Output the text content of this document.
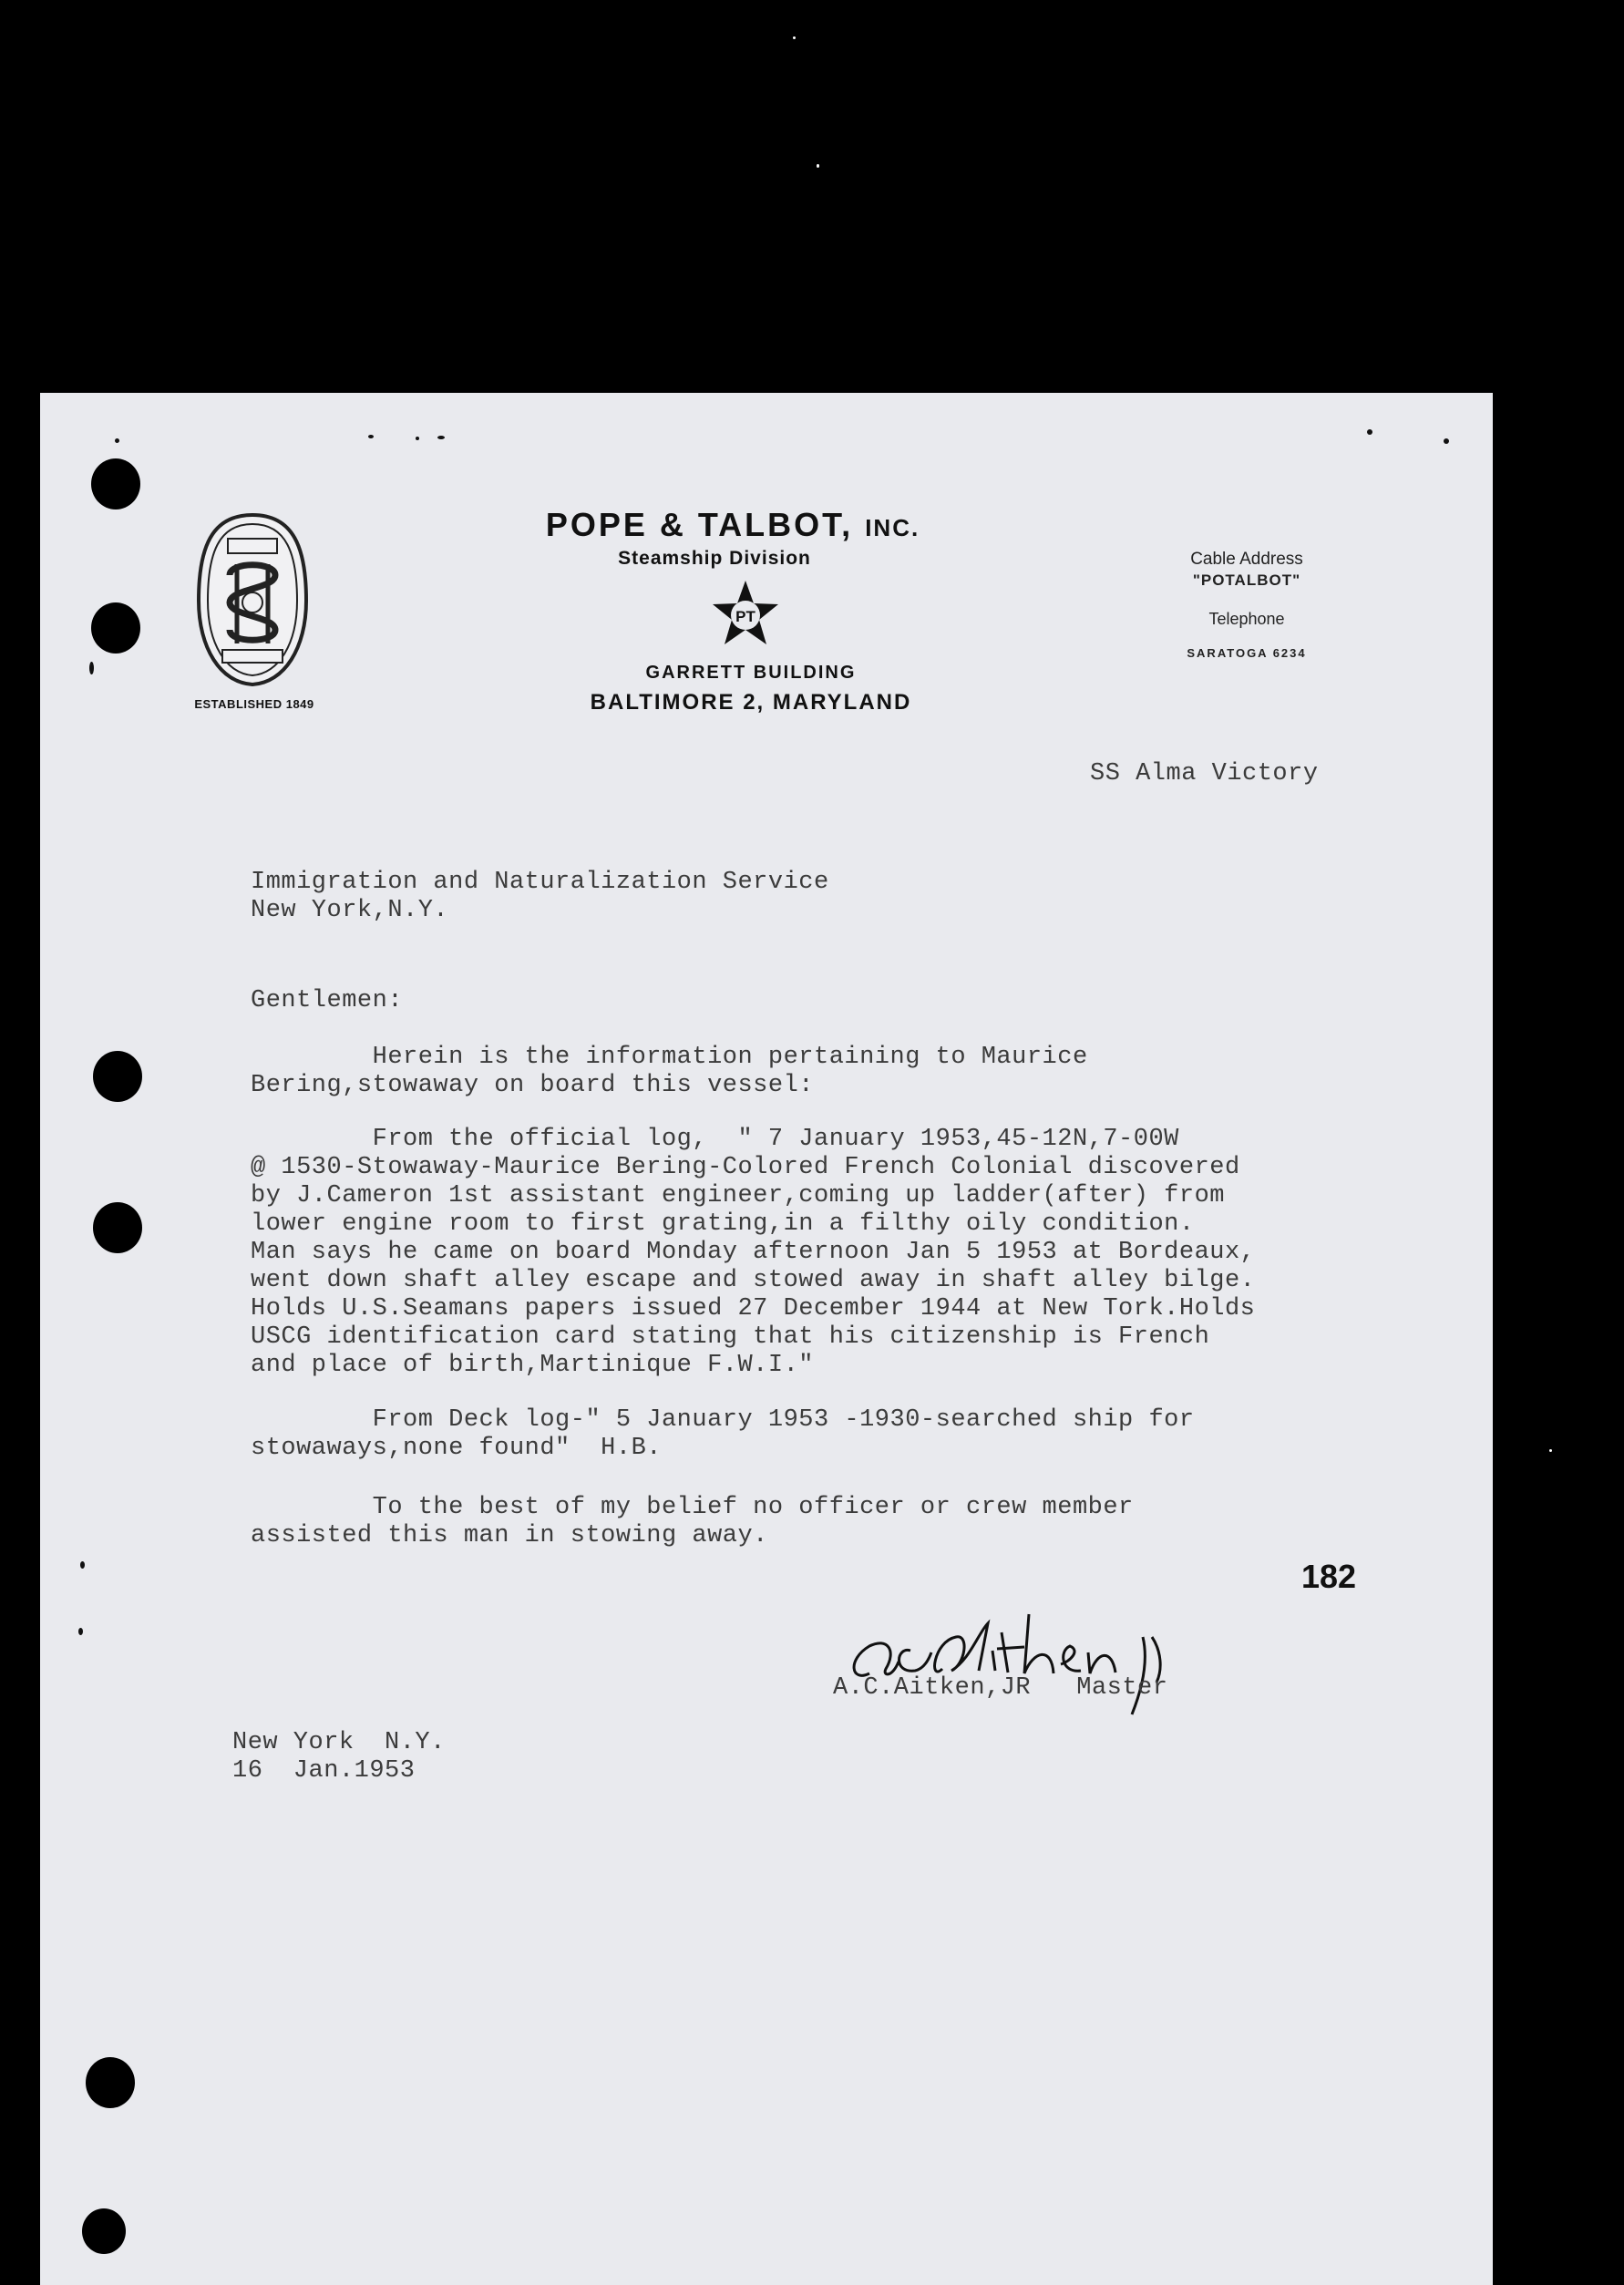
ESTABLISHED 1849
POPE & TALBOT, INC.
Steamship Division
PT
GARRETT BUILDING
BALTIMORE 2, MARYLAND
Cable Address
"POTALBOT"
Telephone
SARATOGA 6234
SS Alma Victory
Immigration and Naturalization Service
New York,N.Y.
Gentlemen:
Herein is the information pertaining to Maurice
Bering,stowaway on board this vessel:
From the official log,  " 7 January 1953,45-12N,7-00W
@ 1530-Stowaway-Maurice Bering-Colored French Colonial discovered
by J.Cameron 1st assistant engineer,coming up ladder(after) from
lower engine room to first grating,in a filthy oily condition.
Man says he came on board Monday afternoon Jan 5 1953 at Bordeaux,
went down shaft alley escape and stowed away in shaft alley bilge.
Holds U.S.Seamans papers issued 27 December 1944 at New Tork.Holds
USCG identification card stating that his citizenship is French
and place of birth,Martinique F.W.I."
From Deck log-" 5 January 1953 -1930-searched ship for
stowaways,none found"  H.B.
To the best of my belief no officer or crew member
assisted this man in stowing away.
182
A.C.Aitken,JR   Master
New York  N.Y.
16  Jan.1953
